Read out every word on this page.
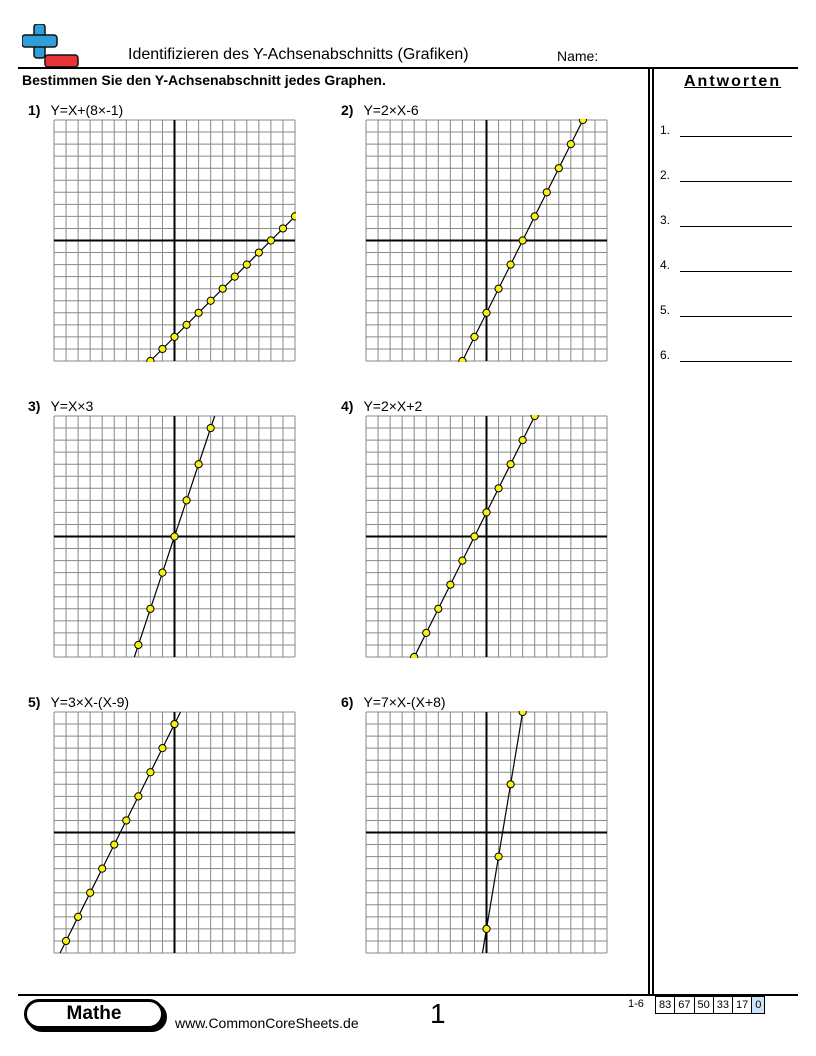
Identifizieren des Y-Achsenabschnitts (Grafiken)	Name:
Bestimmen Sie den Y-Achsenabschnitt jedes Graphen.	Antworten
1.
2.
3.
4.
5.
6.
1) Y=X+(8×-1)	2) Y=2×X-6
3) Y=X×3	4) Y=2×X+2
5) Y=3×X-(X-9)	6) Y=7×X-(X+8)
Mathe	www.CommonCoreSheets.de	1	1-6	83 67 50 33 17 0
